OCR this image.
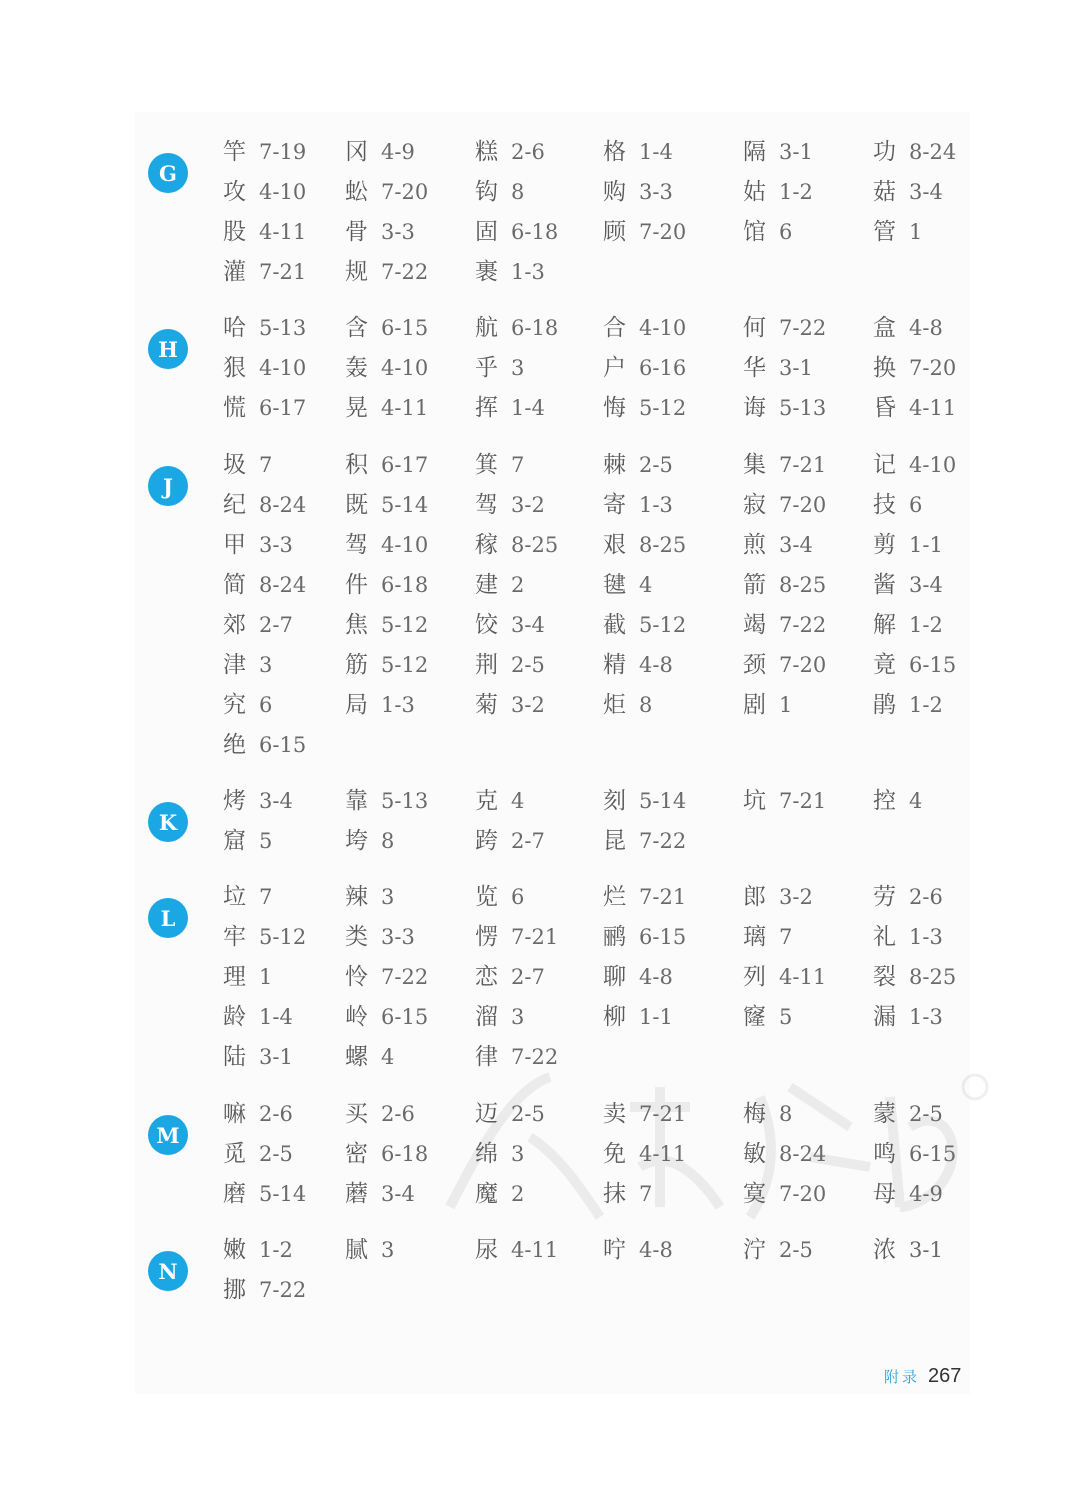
G
竿 7-19 冈 4-9	糕 2-6	格 1-4	隔 3-1	功 8-24
攻 4-10 蚣 7-20 钩 8	购 3-3	姑 1-2	菇 3-4
股 4-11 骨 3-3	固 6-18 顾 7-20 馆 6	管 1
灌 7-21 规 7-22 裹 1-3
H
哈 5-13 含 6-15 航 6-18 合 4-10 何 7-22 盒 4-8
狠 4-10 轰 4-10 乎 3	户 6-16 华 3-1	换 7-20
慌 6-17 晃 4-11 挥 1-4	悔 5-12 诲 5-13 昏 4-11
J
圾 7	积 6-17 箕 7	棘 2-5	集 7-21 记 4-10
纪 8-24 既 5-14 驾 3-2	寄 1-3	寂 7-20 技 6
甲 3-3 驾 4-10 稼 8-25 艰 8-25 煎 3-4	剪 1-1
简 8-24 件 6-18 建 2	毽 4	箭 8-25 酱 3-4
郊 2-7 焦 5-12 饺 3-4	截 5-12 竭 7-22 解 1-2
津 3	筋 5-12 荆 2-5	精 4-8	颈 7-20 竟 6-15
究 6	局 1-3	菊 3-2	炬 8	剧 1	鹃 1-2
绝 6-15
K
烤 3-4 靠 5-13 克 4	刻 5-14 坑 7-21 控 4
窟 5	垮 8	跨 2-7	昆 7-22
L
垃 7	辣 3	览 6	烂 7-21 郎 3-2	劳 2-6
牢 5-12 类 3-3	愣 7-21 鹂 6-15 璃 7	礼 1-3
理 1	怜 7-22 恋 2-7	聊 4-8	列 4-11 裂 8-25
龄 1-4 岭 6-15 溜 3	柳 1-1	窿 5	漏 1-3
陆 3-1 螺 4	律 7-22
M
嘛 2-6 买 2-6	迈 2-5	卖 7-21 梅 8	蒙 2-5
觅 2-5 密 6-18 绵 3	免 4-11 敏 8-24 鸣 6-15
磨 5-14 蘑 3-4	魔 2	抹 7	寞 7-20 母 4-9
N
嫩 1-2 腻 3	尿 4-11 咛 4-8	泞 2-5	浓 3-1
挪 7-22
附录 267
